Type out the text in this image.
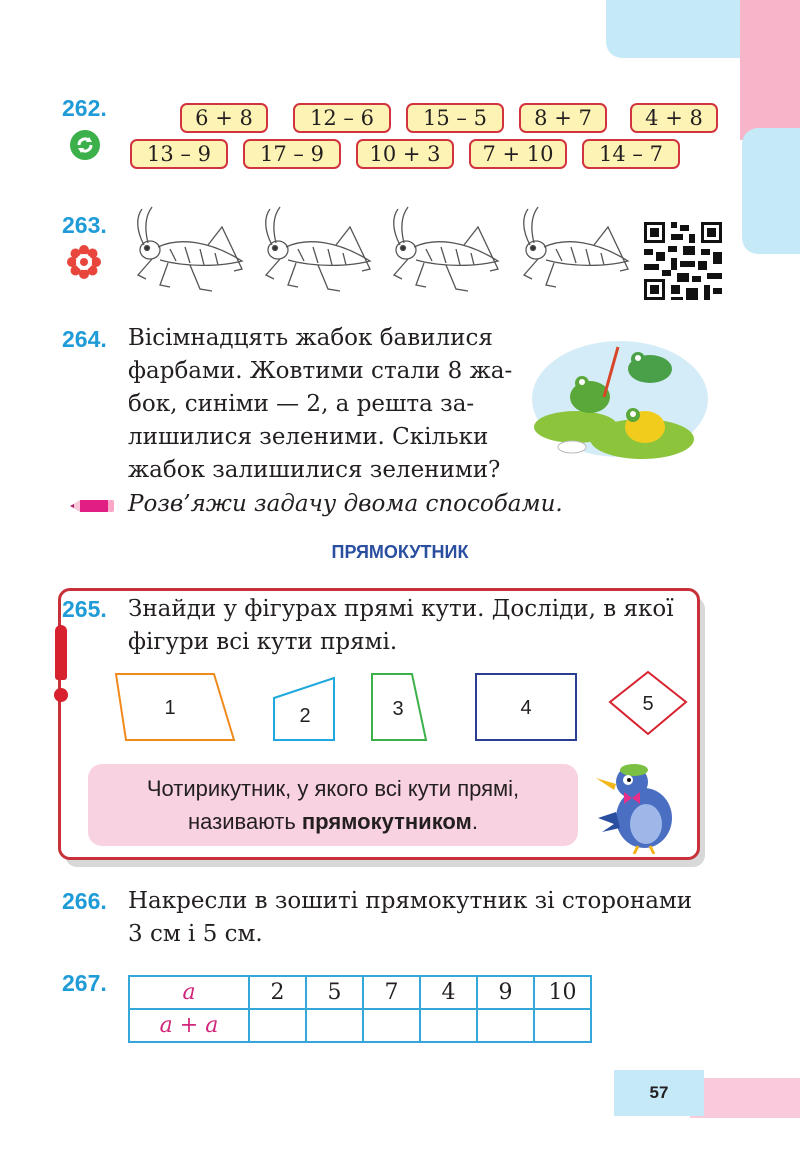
262.	6 + 8	12 – 6	15 – 5	8 + 7	4 + 8
13 – 9	17 – 9	10 + 3	7 + 10	14 – 7
263.
264. Вісімнадцять жабок бавилися
фарбами. Жовтими стали 8 жа-
бок, синіми — 2, а решта за-
лишилися зеленими. Скільки
жабок залишилися зеленими?
Розв’яжи задачу двома способами.
ПРЯМОКУТНИК
265. Знайди у фігурах прямі кути. Досліди, в якої
фігури всі кути прямі.
1	2	3	4	5
Чотирикутник, у якого всі кути прямі,
називають прямокутником.
266. Накресли в зошиті прямокутник зі сторонами
3 см і 5 см.
267.	a	2	5	7	4	9	10
a + a						
57
